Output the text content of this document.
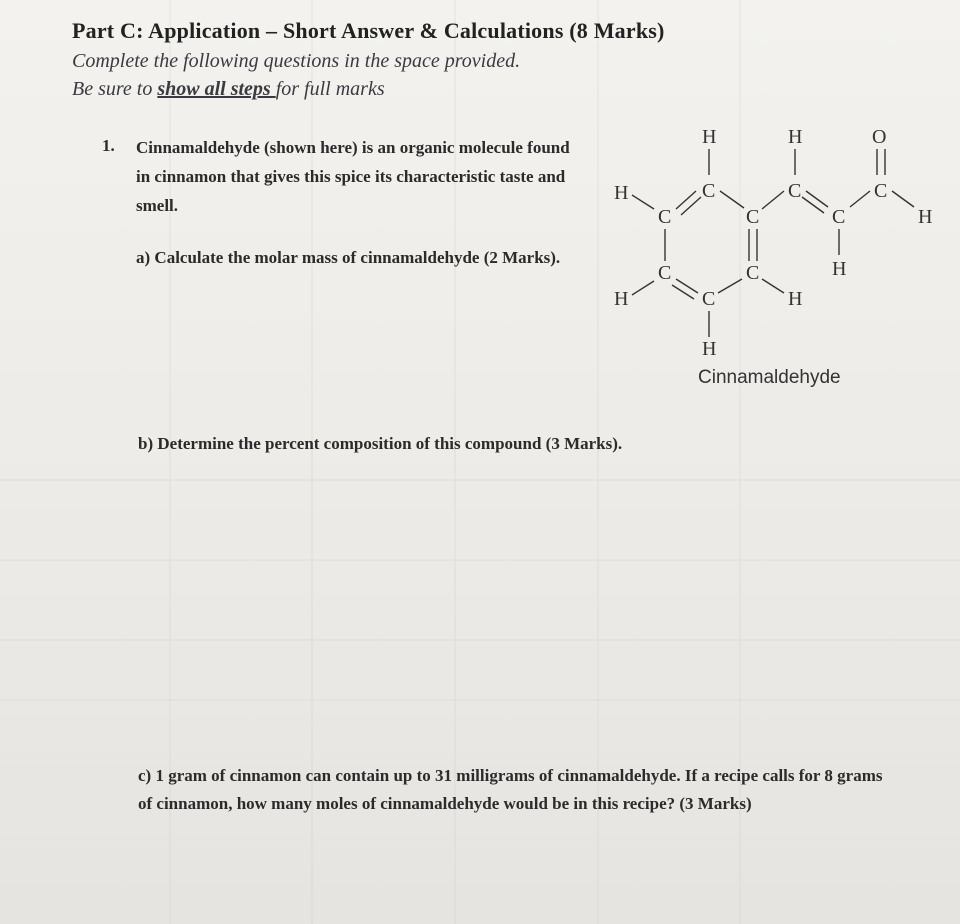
Part C: Application – Short Answer & Calculations (8 Marks)
Complete the following questions in the space provided.
Be sure to show all steps for full marks
1. Cinnamaldehyde (shown here) is an organic molecule found in cinnamon that gives this spice its characteristic taste and smell.
a) Calculate the molar mass of cinnamaldehyde (2 Marks).
b) Determine the percent composition of this compound (3 Marks).
c) 1 gram of cinnamon can contain up to 31 milligrams of cinnamaldehyde. If a recipe calls for 8 grams of cinnamon, how many moles of cinnamaldehyde would be in this recipe? (3 Marks)
H	H	O
C	C	C
H
C	C	C	H
C	C	H
H	C	H
H
Cinnamaldehyde
